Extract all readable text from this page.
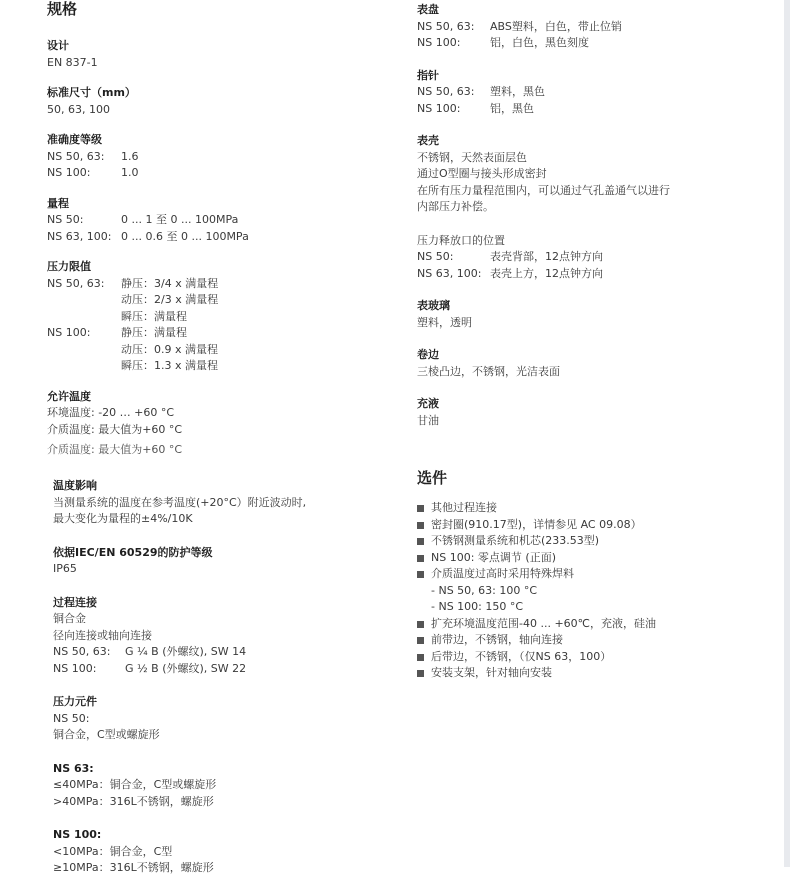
规格
设计
EN 837-1
标准尺寸（mm）
50, 63, 100
准确度等级
NS 50, 63:	1.6
NS 100:	1.0
量程
NS 50:	0 ... 1 至 0 ... 100MPa
NS 63, 100: 0 ... 0.6 至 0 ... 100MPa
压力限值
NS 50, 63:	静压：3/4 x 满量程
动压：2/3 x 满量程
瞬压：满量程
NS 100:	静压：满量程
动压：0.9 x 满量程
瞬压：1.3 x 满量程
允许温度
环境温度: -20 … +60 °C
介质温度: 最大值为+60 °C
介质温度: 最大值为+60 °C
温度影响
当测量系统的温度在参考温度(+20°C）附近波动时,
最大变化为量程的±4%/10K
依据IEC/EN 60529的防护等级
IP65
过程连接
铜合金
径向连接或轴向连接
NS 50, 63:	G ¼ B (外螺纹), SW 14
NS 100:	G ½ B (外螺纹), SW 22
压力元件
NS 50:
铜合金，C型或螺旋形
NS 63:
≤40MPa：铜合金，C型或螺旋形
>40MPa：316L不锈钢，螺旋形
NS 100:
<10MPa：铜合金，C型
≥10MPa：316L不锈钢，螺旋形
表盘
NS 50, 63:	ABS塑料，白色，带止位销
NS 100:	铝，白色，黑色刻度
指针
NS 50, 63:	塑料，黑色
NS 100:	铝，黑色
表壳
不锈钢，天然表面层色
通过O型圈与接头形成密封
在所有压力量程范围内，可以通过气孔盖通气以进行
内部压力补偿。
压力释放口的位置
NS 50:	表壳背部，12点钟方向
NS 63, 100: 表壳上方，12点钟方向
表玻璃
塑料，透明
卷边
三棱凸边，不锈钢，光洁表面
充液
甘油
选件
其他过程连接
密封圈(910.17型)，详情参见 AC 09.08）
不锈钢测量系统和机芯(233.53型)
NS 100: 零点调节 (正面)
介质温度过高时采用特殊焊料
- NS 50, 63: 100 °C
- NS 100: 150 °C
扩充环境温度范围-40 ... +60℃，充液，硅油
前带边，不锈钢，轴向连接
后带边，不锈钢，（仅NS 63，100）
安装支架，针对轴向安装
